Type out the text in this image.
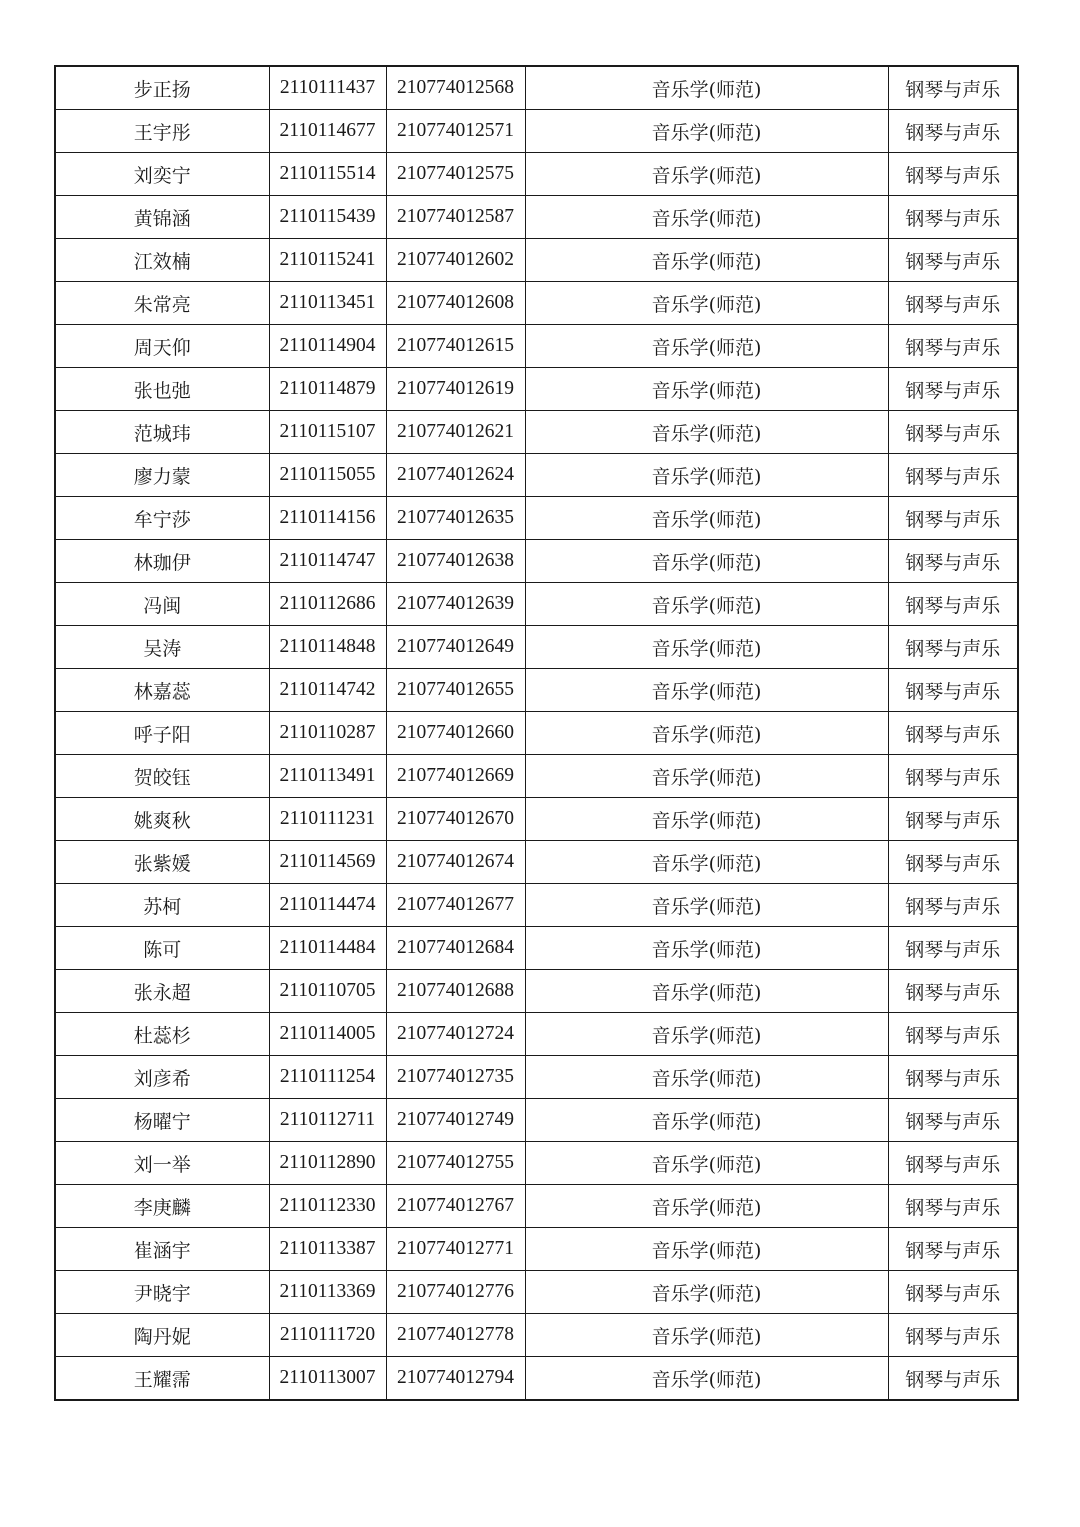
步正扬	2110111437	210774012568	音乐学(师范)	钢琴与声乐
王宇彤	2110114677	210774012571	音乐学(师范)	钢琴与声乐
刘奕宁	2110115514	210774012575	音乐学(师范)	钢琴与声乐
黄锦涵	2110115439	210774012587	音乐学(师范)	钢琴与声乐
江效楠	2110115241	210774012602	音乐学(师范)	钢琴与声乐
朱常亮	2110113451	210774012608	音乐学(师范)	钢琴与声乐
周天仰	2110114904	210774012615	音乐学(师范)	钢琴与声乐
张也弛	2110114879	210774012619	音乐学(师范)	钢琴与声乐
范城玮	2110115107	210774012621	音乐学(师范)	钢琴与声乐
廖力蒙	2110115055	210774012624	音乐学(师范)	钢琴与声乐
牟宁莎	2110114156	210774012635	音乐学(师范)	钢琴与声乐
林珈伊	2110114747	210774012638	音乐学(师范)	钢琴与声乐
冯闽	2110112686	210774012639	音乐学(师范)	钢琴与声乐
吴涛	2110114848	210774012649	音乐学(师范)	钢琴与声乐
林嘉蕊	2110114742	210774012655	音乐学(师范)	钢琴与声乐
呼子阳	2110110287	210774012660	音乐学(师范)	钢琴与声乐
贺皎钰	2110113491	210774012669	音乐学(师范)	钢琴与声乐
姚爽秋	2110111231	210774012670	音乐学(师范)	钢琴与声乐
张紫媛	2110114569	210774012674	音乐学(师范)	钢琴与声乐
苏柯	2110114474	210774012677	音乐学(师范)	钢琴与声乐
陈可	2110114484	210774012684	音乐学(师范)	钢琴与声乐
张永超	2110110705	210774012688	音乐学(师范)	钢琴与声乐
杜蕊杉	2110114005	210774012724	音乐学(师范)	钢琴与声乐
刘彦希	2110111254	210774012735	音乐学(师范)	钢琴与声乐
杨曜宁	2110112711	210774012749	音乐学(师范)	钢琴与声乐
刘一举	2110112890	210774012755	音乐学(师范)	钢琴与声乐
李庚麟	2110112330	210774012767	音乐学(师范)	钢琴与声乐
崔涵宇	2110113387	210774012771	音乐学(师范)	钢琴与声乐
尹晓宇	2110113369	210774012776	音乐学(师范)	钢琴与声乐
陶丹妮	2110111720	210774012778	音乐学(师范)	钢琴与声乐
王耀霈	2110113007	210774012794	音乐学(师范)	钢琴与声乐
